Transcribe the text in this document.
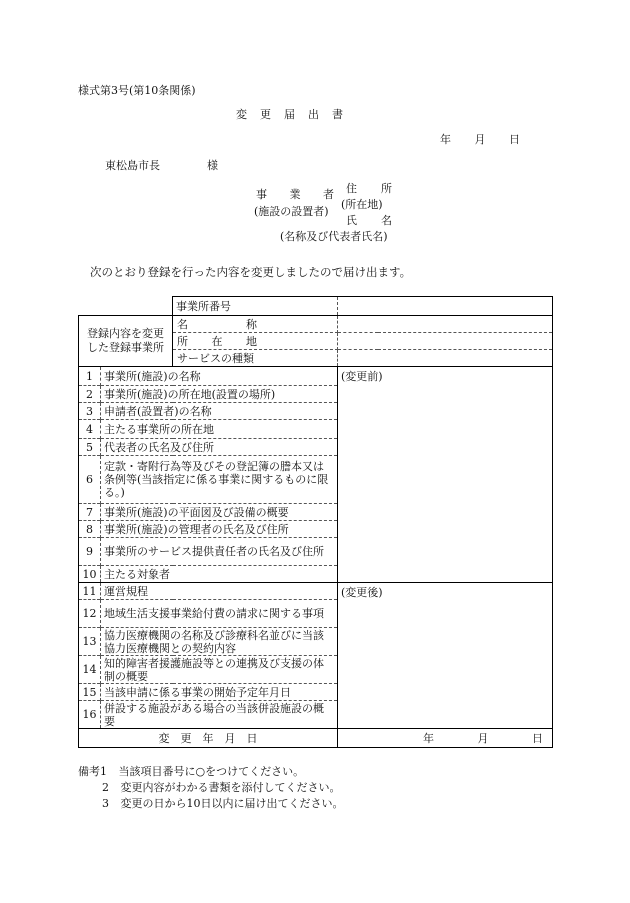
様式第3号(第10条関係)
変　更　届　出　書
年 月 日
東松島市長	様
事 業 者
(施設の設置者)
住 所
(所在地)
氏 名
(名称及び代表者氏名)
次のとおり登録を行った内容を変更しましたので届け出ます。
		事業所番号	
登録内容を変更した登録事業所		名 称	

		所 在 地	

		サービスの種類	
1	事業所(施設)の名称		(変更前)
2	事業所(施設)の所在地(設置の場所)		
3	申請者(設置者)の名称		
4	主たる事業所の所在地		
5	代表者の氏名及び住所		
6	定款・寄附行為等及びその登記簿の謄本又は条例等(当該指定に係る事業に関するものに限る。)		
7	事業所(施設)の平面図及び設備の概要		
8	事業所(施設)の管理者の氏名及び住所		
9	事業所のサービス提供責任者の氏名及び住所		
10	主たる対象者		
11	運営規程		(変更後)
12	地域生活支援事業給付費の請求に関する事項		
13	協力医療機関の名称及び診療科名並びに当該協力医療機関との契約内容		
14	知的障害者援護施設等との連携及び支援の体制の概要		
15	当該申請に係る事業の開始予定年月日		
16	併設する施設がある場合の当該併設施設の概要		
変　更　年　月　日			年 月 日
備考1 当該項目番号に○をつけてください。
2 変更内容がわかる書類を添付してください。
3 変更の日から10日以内に届け出てください。
